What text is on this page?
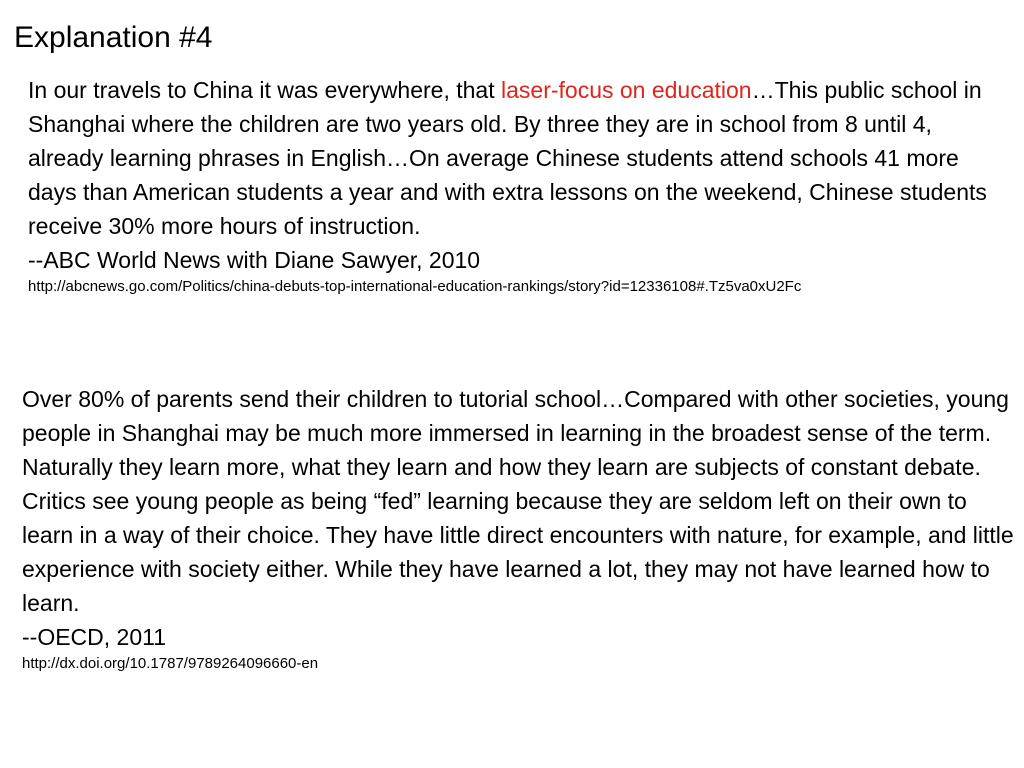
Explanation #4

In our travels to China it was everywhere, that laser-focus on education…This public school in Shanghai where the children are two years old. By three they are in school from 8 until 4, already learning phrases in English…On average Chinese students attend schools 41 more days than American students a year and with extra lessons on the weekend, Chinese students receive 30% more hours of instruction.

--ABC World News with Diane Sawyer, 2010

http://abcnews.go.com/Politics/china-debuts-top-international-education-rankings/story?id=12336108#.Tz5va0xU2Fc

Over 80% of parents send their children to tutorial school…Compared with other societies, young people in Shanghai may be much more immersed in learning in the broadest sense of the term. Naturally they learn more, what they learn and how they learn are subjects of constant debate. Critics see young people as being “fed” learning because they are seldom left on their own to learn in a way of their choice. They have little direct encounters with nature, for example, and little experience with society either. While they have learned a lot, they may not have learned how to learn.

--OECD, 2011

http://dx.doi.org/10.1787/9789264096660-en
